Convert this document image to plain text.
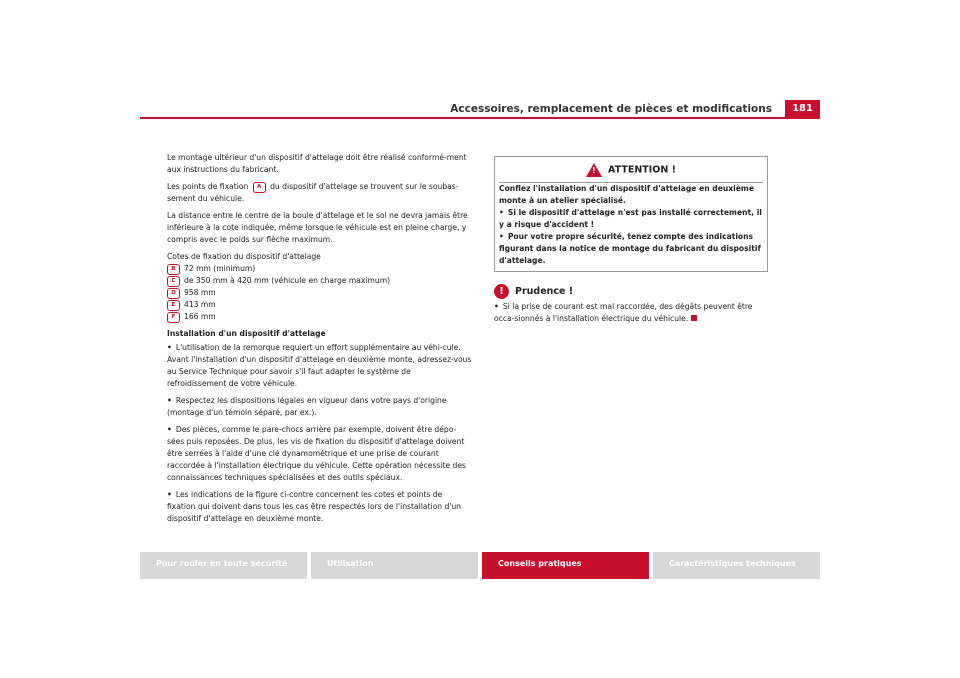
Accessoires, remplacement de pièces et modifications	181

Le montage ultérieur d'un dispositif d'attelage doit être réalisé conformé-ment aux instructions du fabricant.

Les points de fixation A du dispositif d'attelage se trouvent sur le soubas-sement du véhicule.

La distance entre le centre de la boule d'attelage et le sol ne devra jamais être inférieure à la cote indiquée, même lorsque le véhicule est en pleine charge, y compris avec le poids sur flèche maximum.

Cotes de fixation du dispositif d'attelage

B	72 mm (minimum)
C	de 350 mm à 420 mm (véhicule en charge maximum)
D	958 mm
E	413 mm
F	166 mm
Installation d'un dispositif d'attelage

• L'utilisation de la remorque requiert un effort supplémentaire au véhi-cule. Avant l'installation d'un dispositif d'attelage en deuxième monte, adressez-vous au Service Technique pour savoir s'il faut adapter le système de refroidissement de votre véhicule.

• Respectez les dispositions légales en vigueur dans votre pays d'origine (montage d'un témoin séparé, par ex.).

• Des pièces, comme le pare-chocs arrière par exemple, doivent être dépo-sées puis reposées. De plus, les vis de fixation du dispositif d'attelage doivent être serrées à l'aide d'une clé dynamométrique et une prise de courant raccordée à l'installation électrique du véhicule. Cette opération nécessite des connaissances techniques spécialisées et des outils spéciaux.

• Les indications de la figure ci-contre concernent les cotes et points de fixation qui doivent dans tous les cas être respectés lors de l'installation d'un dispositif d'attelage en deuxième monte.

!ATTENTION !

Confiez l'installation d'un dispositif d'attelage en deuxième monte à un atelier spécialisé.

• Si le dispositif d'attelage n'est pas installé correctement, il y a risque d'accident !

• Pour votre propre sécurité, tenez compte des indications figurant dans la notice de montage du fabricant du dispositif d'attelage.

!	Prudence !
• Si la prise de courant est mal raccordée, des dégâts peuvent être occa-sionnés à l'installation électrique du véhicule.
Pour rouler en toute sécurité	Utilisation	Conseils pratiques	Caractéristiques techniques
